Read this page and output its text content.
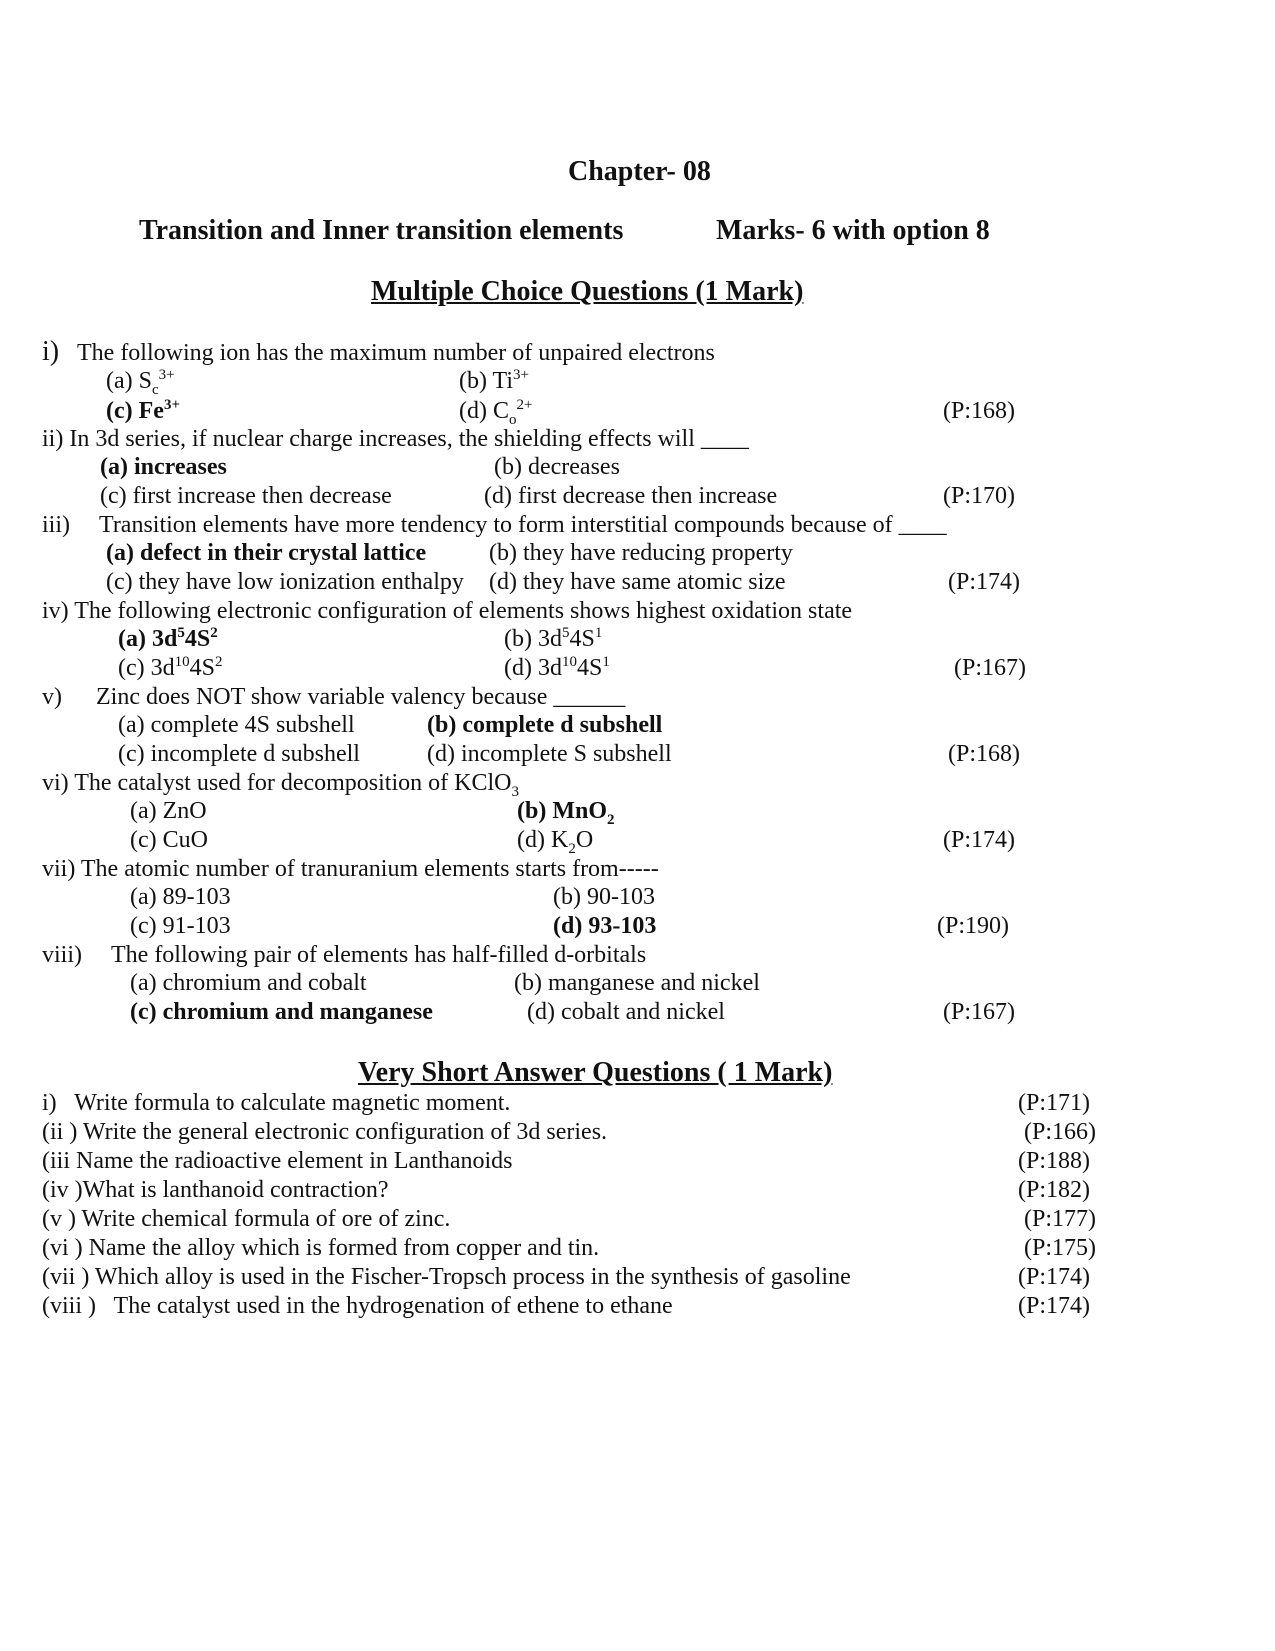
Chapter- 08
Transition and Inner transition elements	Marks- 6 with option 8
Multiple Choice Questions (1 Mark)
i) The following ion has the maximum number of unpaired electrons
(a) $S_c^{3+}$	(b) $Ti^{3+}$
(c) $Fe^{3+}$	(d) $C_o^{2+}$	(P:168)
ii) In 3d series, if nuclear charge increases, the shielding effects will ____
(a) increases	(b) decreases
(c) first increase then decrease	(d) first decrease then increase	(P:170)
iii) Transition elements have more tendency to form interstitial compounds because of ____
(a) defect in their crystal lattice	(b) they have reducing property
(c) they have low ionization enthalpy (d) they have same atomic size	(P:174)
iv) The following electronic configuration of elements shows highest oxidation state
(a) $3d^54S^2$	(b) $3d^54S^1$
(c) $3d^{10}4S^2$	(d) $3d^{10}4S^1$	(P:167)
v) Zinc does NOT show variable valency because ______
(a) complete 4S subshell	(b) complete d subshell
(c) incomplete d subshell	(d) incomplete S subshell	(P:168)
vi) The catalyst used for decomposition of KClO$_3$
(a) ZnO	(b) MnO$_2$
(c) CuO	(d) $K_2O$	(P:174)
vii) The atomic number of tranuranium elements starts from-----
(a) 89-103	(b) 90-103
(c) 91-103	(d) 93-103	(P:190)
viii) The following pair of elements has half-filled d-orbitals
(a) chromium and cobalt	(b) manganese and nickel
(c) chromium and manganese	(d) cobalt and nickel	(P:167)
Very Short Answer Questions ( 1 Mark)
i)   Write formula to calculate magnetic moment.	(P:171)
(ii ) Write the general electronic configuration of 3d series.	(P:166)
(iii Name the radioactive element in Lanthanoids	(P:188)
(iv )What is lanthanoid contraction?	(P:182)
(v ) Write chemical formula of ore of zinc.	(P:177)
(vi ) Name the alloy which is formed from copper and tin.	(P:175)
(vii ) Which alloy is used in the Fischer-Tropsch process in the synthesis of gasoline	(P:174)
(viii )   The catalyst used in the hydrogenation of ethene to ethane	(P:174)
